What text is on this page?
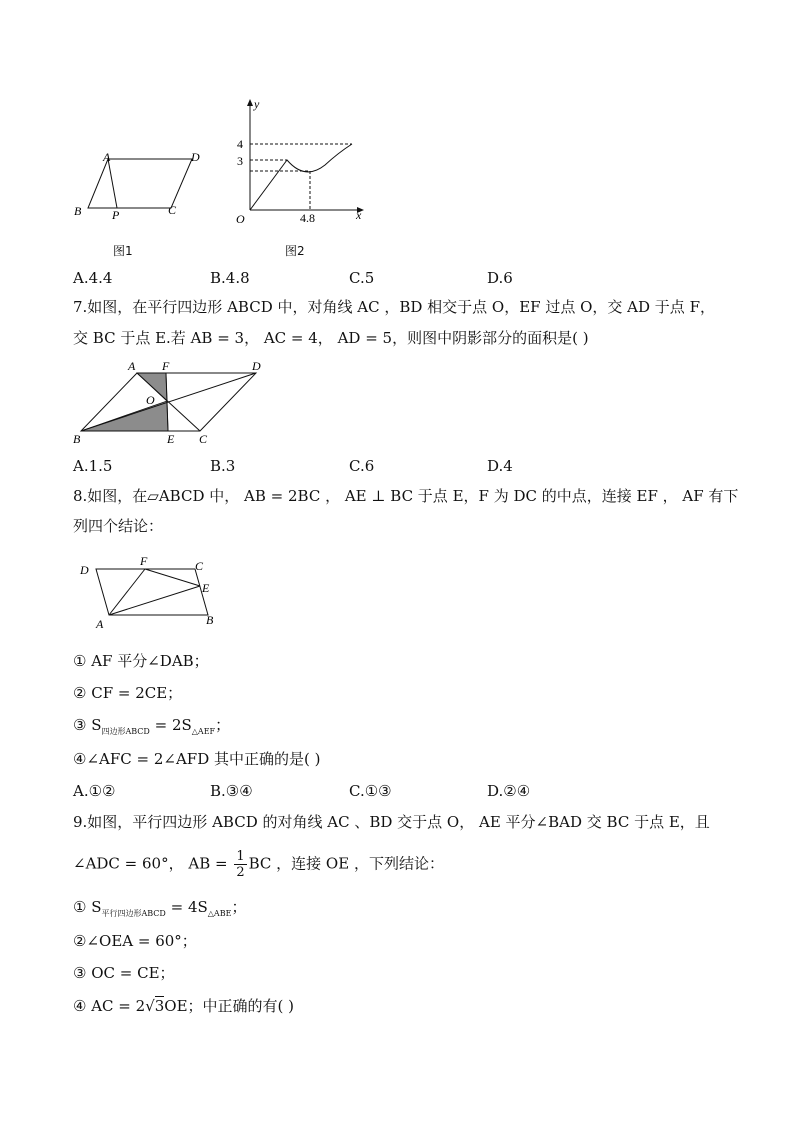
A	D
B	P	C
图1
y
x
O
4
3
4.8
图2
A.4.4	B.4.8	C.5	D.6
7.如图，在平行四边形 ABCD 中，对角线 AC ，BD 相交于点 O，EF 过点 O，交 AD 于点 F，
交 BC 于点 E.若 AB = 3， AC = 4， AD = 5，则图中阴影部分的面积是( )
A F	D
O
B	E C
A.1.5	B.3	C.6	D.4
8.如图，在▱ABCD 中， AB = 2BC ， AE ⊥ BC 于点 E，F 为 DC 的中点，连接 EF ， AF 有下
列四个结论：
D
F	C
E
A	B
① AF 平分∠DAB；
② CF = 2CE；
③ $S_{四边形ABCD} = 2S_{\triangle AEF}$；
④∠AFC = 2∠AFD 其中正确的是( )
A.①②	B.③④	C.①③	D.②④
9.如图，平行四边形 ABCD 的对角线 AC 、BD 交于点 O， AE 平分∠BAD 交 BC 于点 E，且
∠ADC = 60°， AB = $\frac{1}{2}$ BC ，连接 OE ，下列结论：
① $S_{平行四边形ABCD} = 4S_{\triangle ABE}$；
②∠OEA = 60°；
③ OC = CE；
④ AC = 2√3OE；中正确的有( )
